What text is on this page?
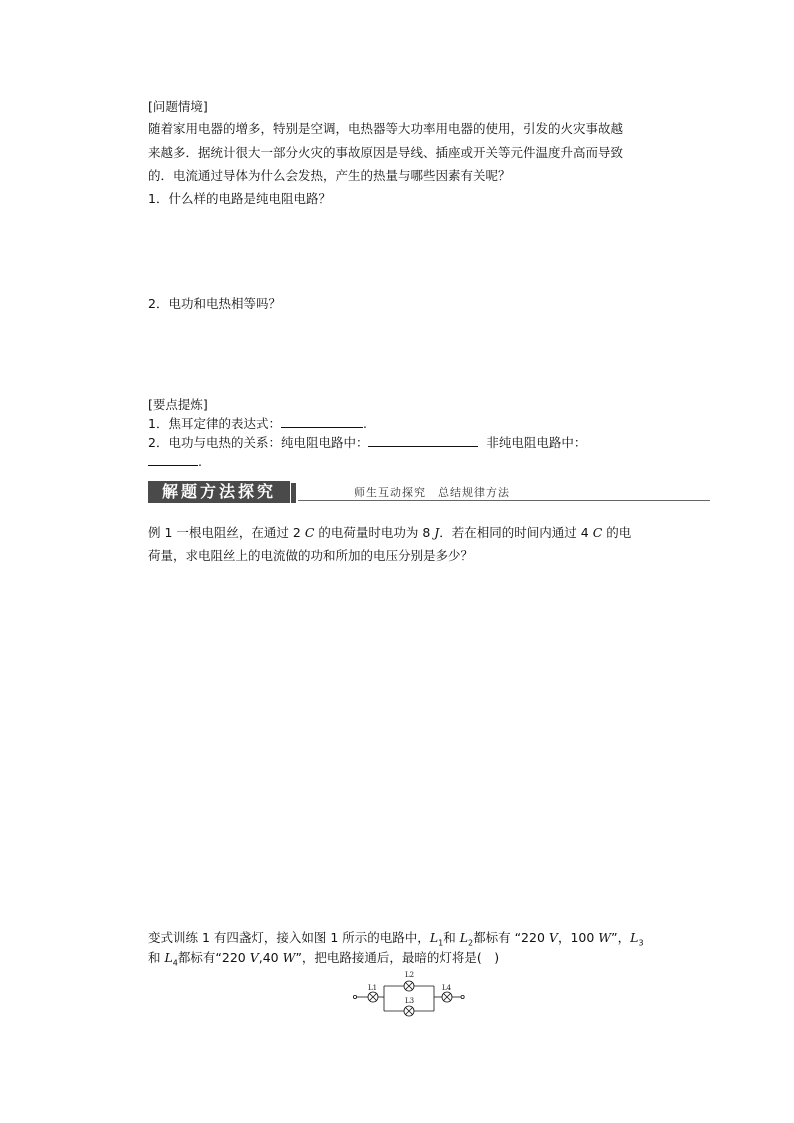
[问题情境]
随着家用电器的增多，特别是空调，电热器等大功率用电器的使用，引发的火灾事故越
来越多．据统计很大一部分火灾的事故原因是导线、插座或开关等元件温度升高而导致
的．电流通过导体为什么会发热，产生的热量与哪些因素有关呢？
1．什么样的电路是纯电阻电路？
2．电功和电热相等吗？
[要点提炼]
1．焦耳定律的表达式：	.
2．电功与电热的关系：纯电阻电路中：	非纯电阻电路中：
.
解题方法探究	师生互动探究　总结规律方法
例 1 一根电阻丝，在通过 2 C 的电荷量时电功为 8 J．若在相同的时间内通过 4 C 的电
荷量，求电阻丝上的电流做的功和所加的电压分别是多少？
变式训练 1 有四盏灯，接入如图 1 所示的电路中，$L_1$和 $L_2$都标有 “220 V，100 W”，$L_3$
和 $L_4$都标有“220 V,40 W”，把电路接通后，最暗的灯将是(　)
L1
L2
L3
L4
